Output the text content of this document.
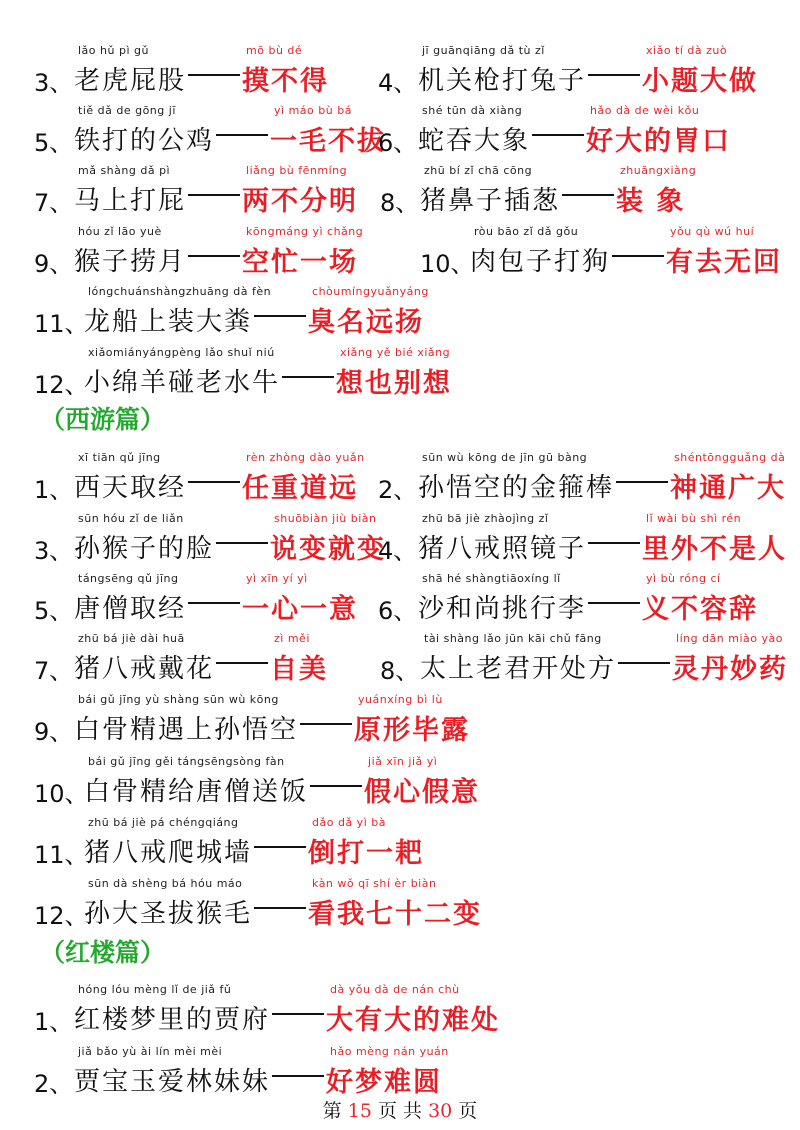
3、
lǎo hǔ pì gǔ
老虎屁股
mō bù dé
摸不得 4、
jī guānqiāng dǎ tù zǐ
机关枪打兔子
xiǎo tí dà zuò
小题大做
5、
tiě dǎ de gōng jī
铁打的公鸡
yì máo bù bá
一毛不拔
6、
shé tūn dà xiàng
蛇吞大象
hǎo dà de wèi kǒu
好大的胃口
7、
mǎ shàng dǎ pì
马上打屁
liǎng bù fēnmíng
两不分明 8、
zhū bí zǐ chā cōng
猪鼻子插葱
zhuāngxiàng
装 象
9、
hóu zǐ lāo yuè
猴子捞月
kōngmáng yì chǎng
空忙一场	10、
ròu bāo zǐ dǎ gǒu
肉包子打狗
yǒu qù wú huí
有去无回
11、
lóngchuánshàngzhuāng dà fèn
龙船上装大粪
chòumíngyuǎnyáng
臭名远扬
12、
xiǎomiányángpèng lǎo shuǐ niú
小绵羊碰老水牛
xiǎng yě bié xiǎng
想也别想
（西游篇）
1、
xī tiān qǔ jīng
西天取经
rèn zhòng dào yuǎn
任重道远 2、
sūn wù kōng de jīn gū bàng
孙悟空的金箍棒
shéntōngguǎng dà
神通广大
3、
sūn hóu zǐ de liǎn
孙猴子的脸
shuōbiàn jiù biàn
说变就变
4、
zhū bā jiè zhàojìng zǐ
猪八戒照镜子
lǐ wài bù shì rén
里外不是人
5、
tángsēng qǔ jīng
唐僧取经
yì xīn yí yì
一心一意 6、
shā hé shàngtiāoxíng lǐ
沙和尚挑行李
yì bù róng cí
义不容辞
7、
zhū bá jiè dài huā
猪八戒戴花
zì měi
自美 8、
tài shàng lǎo jūn kāi chǔ fāng
太上老君开处方
líng dān miào yào
灵丹妙药
9、
bái gǔ jīng yù shàng sūn wù kōng
白骨精遇上孙悟空
yuánxíng bì lù
原形毕露
10、
bái gǔ jīng gěi tángsēngsòng fàn
白骨精给唐僧送饭
jiǎ xīn jiǎ yì
假心假意
11、
zhū bá jiè pá chéngqiáng
猪八戒爬城墙
dǎo dǎ yì bà
倒打一耙
12、
sūn dà shèng bá hóu máo
孙大圣拔猴毛
kàn wǒ qī shí èr biàn
看我七十二变
（红楼篇）
1、
hóng lóu mèng lǐ de jiǎ fǔ
红楼梦里的贾府
dà yǒu dà de nán chù
大有大的难处
2、
jiǎ bǎo yù ài lín mèi mèi
贾宝玉爱林妹妹
hǎo mèng nán yuán
好梦难圆
第 15 页 共 30 页
